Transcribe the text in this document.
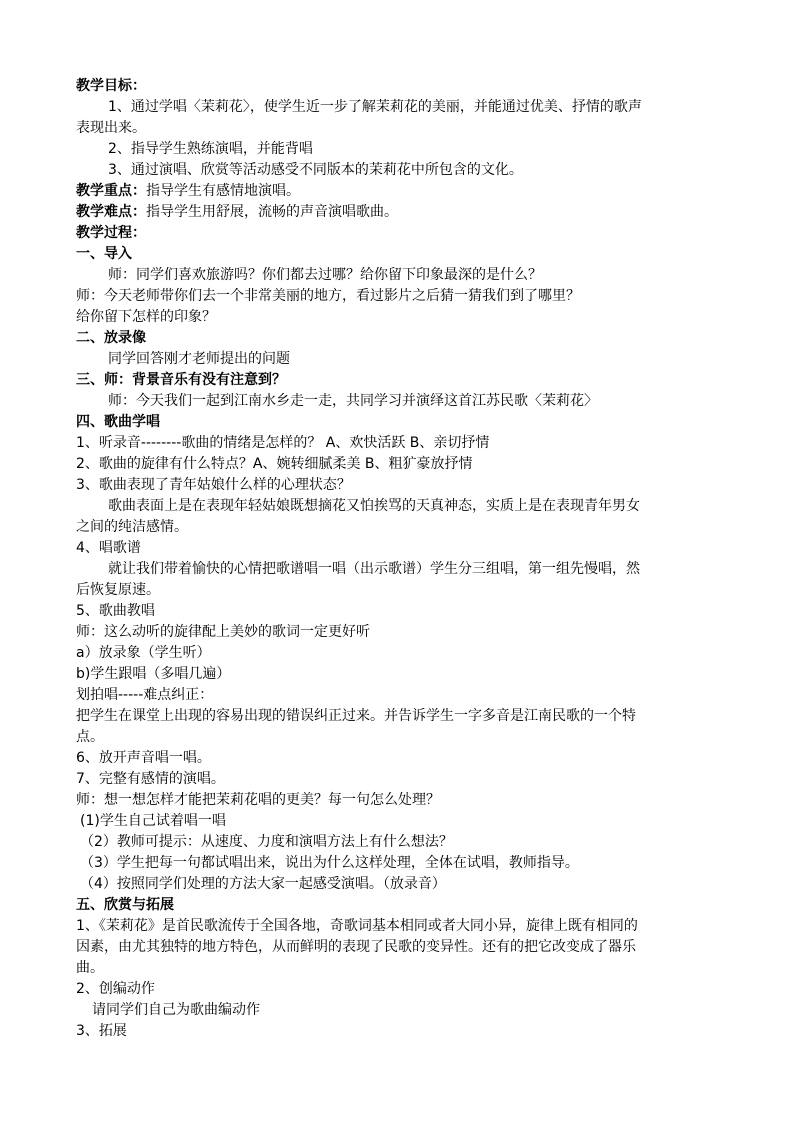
教学目标：
1、通过学唱〈茉莉花〉，使学生近一步了解茉莉花的美丽，并能通过优美、抒情的歌声
表现出来。
2、指导学生熟练演唱，并能背唱
3、通过演唱、欣赏等活动感受不同版本的茉莉花中所包含的文化。
教学重点：指导学生有感情地演唱。
教学难点：指导学生用舒展，流畅的声音演唱歌曲。
教学过程：
一、导入
师：同学们喜欢旅游吗？你们都去过哪？给你留下印象最深的是什么？
师：今天老师带你们去一个非常美丽的地方，看过影片之后猜一猜我们到了哪里？
给你留下怎样的印象？
二、放录像
同学回答刚才老师提出的问题
三、师：背景音乐有没有注意到？
师：今天我们一起到江南水乡走一走，共同学习并演绎这首江苏民歌〈茉莉花〉
四、歌曲学唱
1、听录音--------歌曲的情绪是怎样的？ A、欢快活跃 B、亲切抒情
2、歌曲的旋律有什么特点？A、婉转细腻柔美 B、粗犷豪放抒情
3、歌曲表现了青年姑娘什么样的心理状态？
歌曲表面上是在表现年轻姑娘既想摘花又怕挨骂的天真神态，实质上是在表现青年男女
之间的纯洁感情。
4、唱歌谱
就让我们带着愉快的心情把歌谱唱一唱（出示歌谱）学生分三组唱，第一组先慢唱，然
后恢复原速。
5、歌曲教唱
师：这么动听的旋律配上美妙的歌词一定更好听
a）放录象（学生听）
b)学生跟唱（多唱几遍）
划拍唱-----难点纠正：
把学生在课堂上出现的容易出现的错误纠正过来。并告诉学生一字多音是江南民歌的一个特
点。
6、放开声音唱一唱。
7、完整有感情的演唱。
师：想一想怎样才能把茉莉花唱的更美？每一句怎么处理？
(1)学生自己试着唱一唱
（2）教师可提示：从速度、力度和演唱方法上有什么想法？
（3）学生把每一句都试唱出来，说出为什么这样处理，全体在试唱，教师指导。
（4）按照同学们处理的方法大家一起感受演唱。（放录音）
五、欣赏与拓展
1、《茉莉花》是首民歌流传于全国各地，奇歌词基本相同或者大同小异，旋律上既有相同的
因素，由尤其独特的地方特色，从而鲜明的表现了民歌的变异性。还有的把它改变成了器乐
曲。
2、创编动作
请同学们自己为歌曲编动作
3、拓展
